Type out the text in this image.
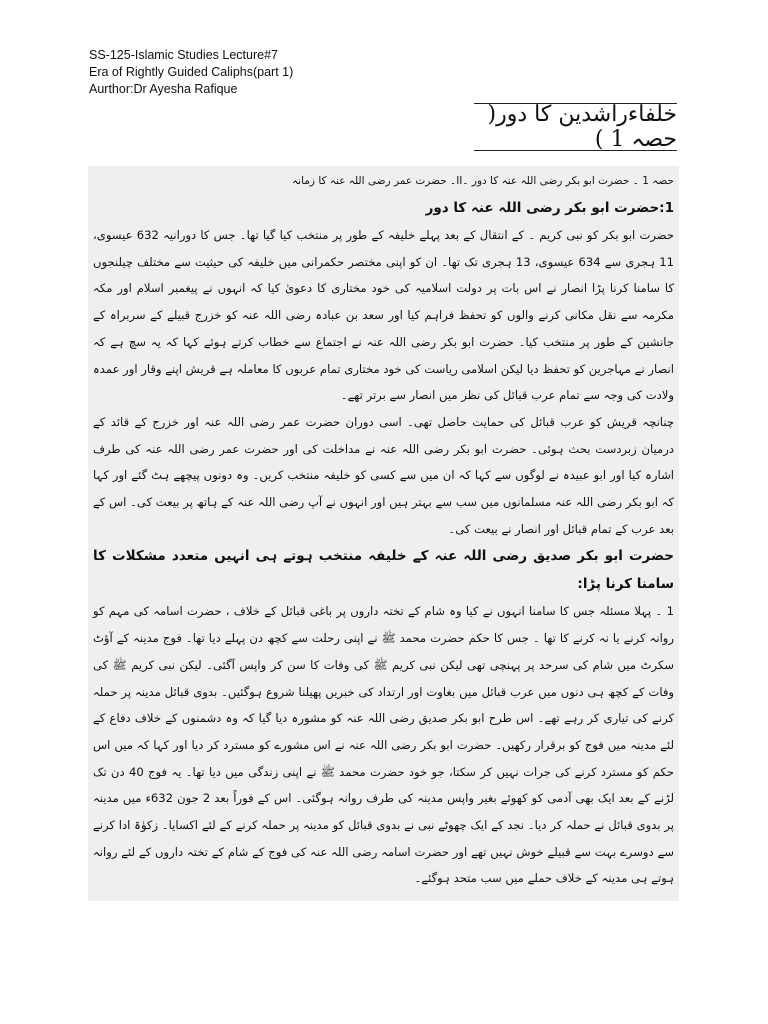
SS-125-Islamic Studies Lecture#7
Era of Rightly Guided Caliphs(part 1)
Aurthor:Dr Ayesha Rafique
خلفاءراشدین کا دور( حصہ 1 )

حصہ 1 ۔ حضرت ابو بکر رضی اللہ عنہ کا دور ۔II۔ حضرت عمر رضی اللہ عنہ کا زمانہ

1:حضرت ابو بکر رضی اللہ عنہ کا دور

حضرت ابو بکر کو نبی کریم ۔ کے انتقال کے بعد پہلے خلیفہ کے طور پر منتخب کیا گیا تھا۔ جس کا دورانیہ 632 عیسوی، 11 ہجری سے 634 عیسوی، 13 ہجری تک تھا۔ ان کو اپنی مختصر حکمرانی میں خلیفہ کی حیثیت سے مختلف چیلنجوں کا سامنا کرنا پڑا انصار نے اس بات پر دولت اسلامیہ کی خود مختاری کا دعویٰ کیا کہ انہوں نے پیغمبر اسلام اور مکہ مکرمہ سے نقل مکانی کرنے والوں کو تحفظ فراہم کیا اور سعد بن عبادہ رضی اللہ عنہ کو خزرج قبیلے کے سربراہ کے جانشین کے طور پر منتخب کیا۔ حضرت ابو بکر رضی اللہ عنہ نے اجتماع سے خطاب کرتے ہوئے کہا کہ یہ سچ ہے کہ انصار نے مہاجرین کو تحفظ دیا لیکن اسلامی ریاست کی خود مختاری تمام عربوں کا معاملہ ہے قریش اپنے وقار اور عمدہ ولادت کی وجہ سے تمام عرب قبائل کی نظر میں انصار سے برتر تھے۔

چنانچہ قریش کو عرب قبائل کی حمایت حاصل تھی۔ اسی دوران حضرت عمر رضی اللہ عنہ اور خزرج کے قائد کے درمیان زبردست بحث ہوئی۔ حضرت ابو بکر رضی اللہ عنہ نے مداخلت کی اور حضرت عمر رضی اللہ عنہ کی طرف اشارہ کیا اور ابو عبیدہ نے لوگوں سے کہا کہ ان میں سے کسی کو خلیفہ منتخب کریں۔ وہ دونوں پیچھے ہٹ گئے اور کہا کہ ابو بکر رضی اللہ عنہ مسلمانوں میں سب سے بہتر ہیں اور انہوں نے آپ رضی اللہ عنہ کے ہاتھ پر بیعت کی۔ اس کے بعد عرب کے تمام قبائل اور انصار نے بیعت کی۔

حضرت ابو بکر صدیق رضی اللہ عنہ کے خلیفہ منتخب ہوتے ہی انہیں متعدد مشکلات کا سامنا کرنا پڑا:

1 ۔ پہلا مسئلہ جس کا سامنا انہوں نے کیا وہ شام کے تختہ داروں پر باغی قبائل کے خلاف ، حضرت اسامہ کی مہم کو روانہ کرنے یا نہ کرنے کا تھا ۔ جس کا حکم حضرت محمد ﷺ نے اپنی رحلت سے کچھ دن پہلے دیا تھا۔ فوج مدینہ کے آؤٹ سکرٹ میں شام کی سرحد پر پہنچی تھی لیکن نبی کریم ﷺ کی وفات کا سن کر واپس آگئی۔ لیکن نبی کریم ﷺ کی وفات کے کچھ ہی دنوں میں عرب قبائل میں بغاوت اور ارتداد کی خبریں پھیلنا شروع ہوگئیں۔ بدوی قبائل مدینہ پر حملہ کرنے کی تیاری کر رہے تھے۔ اس طرح ابو بکر صدیق رضی اللہ عنہ کو مشورہ دیا گیا کہ وہ دشمنوں کے خلاف دفاع کے لئے مدینہ میں فوج کو برقرار رکھیں۔ حضرت ابو بکر رضی اللہ عنہ نے اس مشورے کو مسترد کر دیا اور کہا کہ میں اس حکم کو مسترد کرنے کی جرات نہیں کر سکتا، جو خود حضرت محمد ﷺ نے اپنی زندگی میں دیا تھا۔ یہ فوج 40 دن تک لڑنے کے بعد ایک بھی آدمی کو کھوئے بغیر واپس مدینہ کی طرف روانہ ہوگئی۔ اس کے فوراً بعد 2 جون 632ء میں مدینہ پر بدوی قبائل نے حملہ کر دیا۔ نجد کے ایک چھوٹے نبی نے بدوی قبائل کو مدینہ پر حملہ کرنے کے لئے اکسایا۔ زکوٰۃ ادا کرنے سے دوسرے بہت سے قبیلے خوش نہیں تھے اور حضرت اسامہ رضی اللہ عنہ کی فوج کے شام کے تختہ داروں کے لئے روانہ ہوتے ہی مدینہ کے خلاف حملے میں سب متحد ہوگئے۔
